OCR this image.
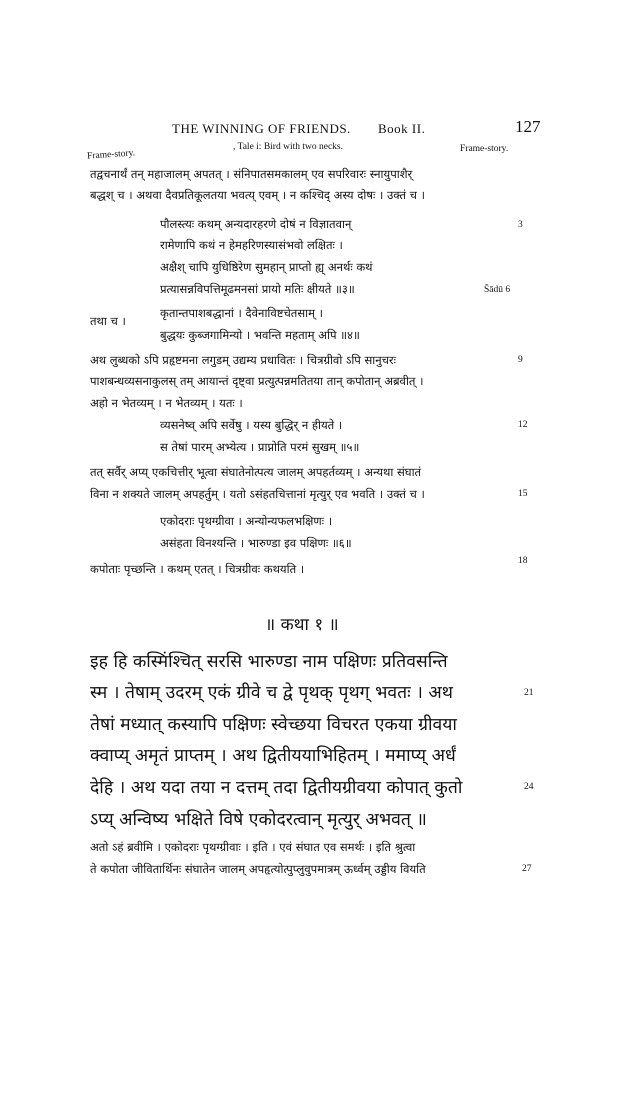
THE WINNING OF FRIENDS. Book II.	127
Frame-story.
, Tale i: Bird with two necks.	Frame-story.
तद्वचनार्थं तन् महाजालम् अपतत् । संनिपातसमकालम् एव सपरिवारः स्नायुपाशैर्
बद्धश् च । अथवा दैवप्रतिकूलतया भवत्य् एवम् । न कश्चिद् अस्य दोषः । उक्तं च ।
पौलस्त्यः कथम् अन्यदारहरणे दोषं न विज्ञातवान्
रामेणापि कथं न हेमहरिणस्यासंभवो लक्षितः ।
अक्षैश् चापि युधिष्ठिरेण सुमहान् प्राप्तो ह्य् अनर्थः कथं
प्रत्यासन्नविपत्तिमूढमनसां प्रायो मतिः क्षीयते ॥३॥
3
S̄ādū 6
तथा च ।
कृतान्तपाशबद्धानां । दैवेनाविष्टचेतसाम् ।
बुद्धयः कुब्जगामिन्यो । भवन्ति महताम् अपि ॥४॥
अथ लुब्धको ऽपि प्रहृष्टमना लगुडम् उद्यम्य प्रधावितः । चित्रग्रीवो ऽपि सानुचरः
पाशबन्धव्यसनाकुलस् तम् आयान्तं दृष्ट्वा प्रत्युत्पन्नमतितया तान् कपोतान् अब्रवीत् ।
अहो न भेतव्यम् । न भेतव्यम् । यतः ।
9
व्यसनेष्व् अपि सर्वेषु । यस्य बुद्धिर् न हीयते ।
स तेषां पारम् अभ्येत्य । प्राप्नोति परमं सुखम् ॥५॥
12
तत् सर्वैर् अप्य् एकचित्तीर् भूत्वा संघातेनोत्पत्य जालम् अपहर्तव्यम् । अन्यथा संघातं
विना न शक्यते जालम् अपहर्तुम् । यतो ऽसंहतचित्तानां मृत्युर् एव भवति । उक्तं च ।	15
एकोदराः पृथग्ग्रीवा । अन्योन्यफलभक्षिणः ।
असंहता विनश्यन्ति । भारुण्डा इव पक्षिणः ॥६॥
कपोताः पृच्छन्ति । कथम् एतत् । चित्रग्रीवः कथयति ।
18
॥ कथा १ ॥
इह हि कस्मिंश्चित् सरसि भारुण्डा नाम पक्षिणः प्रतिवसन्ति
स्म । तेषाम् उदरम् एकं ग्रीवे च द्वे पृथक् पृथग् भवतः । अथ
तेषां मध्यात् कस्यापि पक्षिणः स्वेच्छया विचरत एकया ग्रीवया
क्वाप्य् अमृतं प्राप्तम् । अथ द्वितीययाभिहितम् । ममाप्य् अर्धं
देहि । अथ यदा तया न दत्तम् तदा द्वितीयग्रीवया कोपात् कुतो
ऽप्य् अन्विष्य भक्षिते विषे एकोदरत्वान् मृत्युर् अभवत् ॥
21
24
अतो ऽहं ब्रवीमि । एकोदराः पृथग्ग्रीवाः । इति । एवं संघात एव समर्थः । इति श्रुत्वा
ते कपोता जीवितार्थिनः संघातेन जालम् अपहृत्योत्पुप्लुवुपमात्रम् ऊर्ध्वम् उड्डीय वियति	27
